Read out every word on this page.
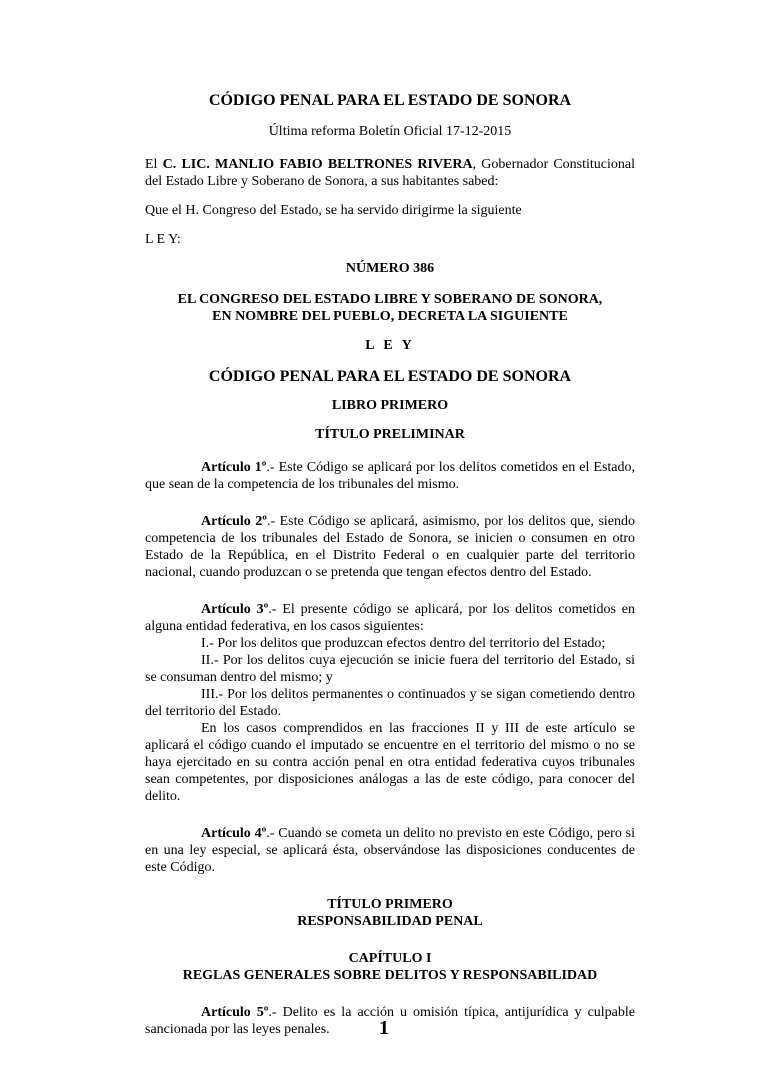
CÓDIGO PENAL PARA EL ESTADO DE SONORA
Última reforma Boletín Oficial 17-12-2015

El C. LIC. MANLIO FABIO BELTRONES RIVERA, Gobernador Constitucional del Estado Libre y Soberano de Sonora, a sus habitantes sabed:

Que el H. Congreso del Estado, se ha servido dirigirme la siguiente

L E Y:

NÚMERO 386
EL CONGRESO DEL ESTADO LIBRE Y SOBERANO DE SONORA,
EN NOMBRE DEL PUEBLO, DECRETA LA SIGUIENTE
L E Y
CÓDIGO PENAL PARA EL ESTADO DE SONORA
LIBRO PRIMERO
TÍTULO PRELIMINAR

Artículo 1º.- Este Código se aplicará por los delitos cometidos en el Estado, que sean de la competencia de los tribunales del mismo.

Artículo 2º.- Este Código se aplicará, asimismo, por los delitos que, siendo competencia de los tribunales del Estado de Sonora, se inicien o consumen en otro Estado de la República, en el Distrito Federal o en cualquier parte del territorio nacional, cuando produzcan o se pretenda que tengan efectos dentro del Estado.

Artículo 3º.- El presente código se aplicará, por los delitos cometidos en alguna entidad federativa, en los casos siguientes:

I.- Por los delitos que produzcan efectos dentro del territorio del Estado;

II.- Por los delitos cuya ejecución se inicie fuera del territorio del Estado, si se consuman dentro del mismo; y

III.- Por los delitos permanentes o continuados y se sigan cometiendo dentro del territorio del Estado.

En los casos comprendidos en las fracciones II y III de este artículo se aplicará el código cuando el imputado se encuentre en el territorio del mismo o no se haya ejercitado en su contra acción penal en otra entidad federativa cuyos tribunales sean competentes, por disposiciones análogas a las de este código, para conocer del delito.

Artículo 4º.- Cuando se cometa un delito no previsto en este Código, pero si en una ley especial, se aplicará ésta, observándose las disposiciones conducentes de este Código.

TÍTULO PRIMERO
RESPONSABILIDAD PENAL
CAPÍTULO I
REGLAS GENERALES SOBRE DELITOS Y RESPONSABILIDAD

Artículo 5º.- Delito es la acción u omisión típica, antijurídica y culpable sancionada por las leyes penales.	1
